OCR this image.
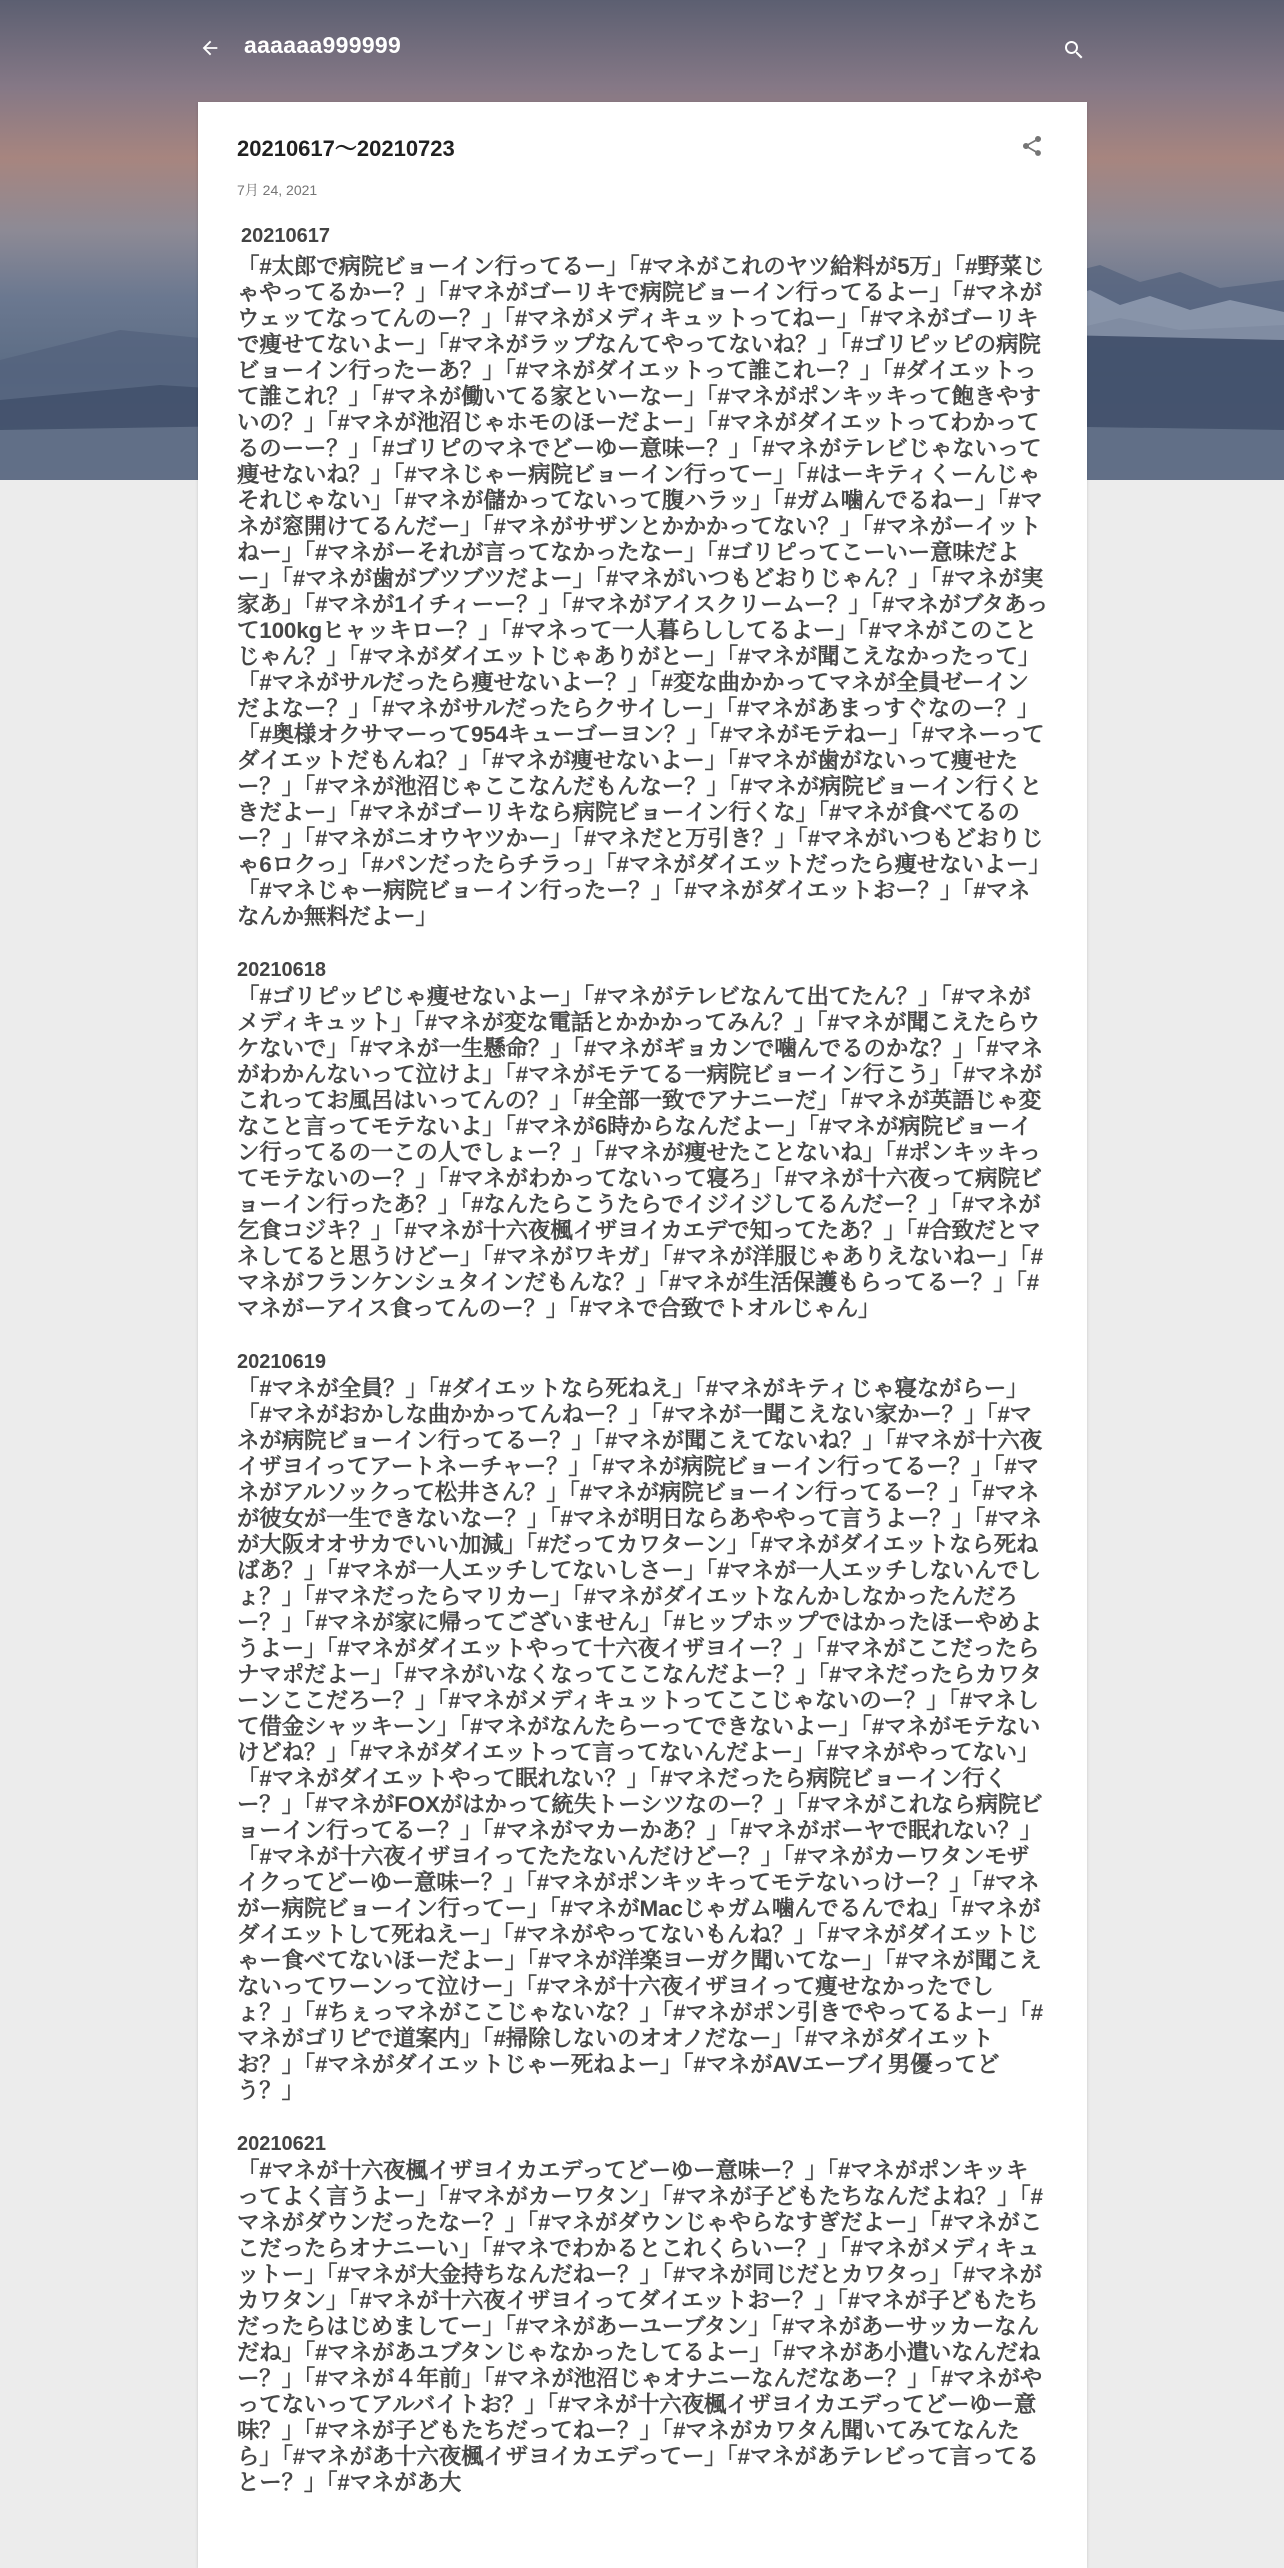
aaaaaa999999
20210617～20210723
7月 24, 2021
20210617
「#太郎で病院ビョーイン行ってるー」「#マネがこれのヤツ給料が5万」「#野菜じゃやってるかー？」「#マネがゴーリキで病院ビョーイン行ってるよー」「#マネがウェッてなってんのー？」「#マネがメディキュットってねー」「#マネがゴーリキで痩せてないよー」「#マネがラップなんてやってないね？」「#ゴリピッピの病院ビョーイン行ったーあ？」「#マネがダイエットって誰これー？」「#ダイエットって誰これ？」「#マネが働いてる家といーなー」「#マネがポンキッキって飽きやすいの？」「#マネが池沼じゃホモのほーだよー」「#マネがダイエットってわかってるのーー？」「#ゴリピのマネでどーゆー意味ー？」「#マネがテレビじゃないって痩せないね？」「#マネじゃー病院ビョーイン行ってー」「#はーキティくーんじゃそれじゃない」「#マネが儲かってないって腹ハラッ」「#ガム噛んでるねー」「#マネが窓開けてるんだー」「#マネがサザンとかかかってない？」「#マネがーイットねー」「#マネがーそれが言ってなかったなー」「#ゴリピってこーいー意味だよー」「#マネが歯がブツブツだよー」「#マネがいつもどおりじゃん？」「#マネが実家あ」「#マネが1イチィーー？」「#マネがアイスクリームー？」「#マネがブタあって100kgヒャッキロー？」「#マネって一人暮らししてるよー」「#マネがこのことじゃん？」「#マネがダイエットじゃありがとー」「#マネが聞こえなかったって」「#マネがサルだったら痩せないよー？」「#変な曲かかってマネが全員ゼーインだよなー？」「#マネがサルだったらクサイしー」「#マネがあまっすぐなのー？」「#奥様オクサマーって954キューゴーヨン？」「#マネがモテねー」「#マネーってダイエットだもんね？」「#マネが痩せないよー」「#マネが歯がないって痩せたー？」「#マネが池沼じゃここなんだもんなー？」「#マネが病院ビョーイン行くときだよー」「#マネがゴーリキなら病院ビョーイン行くな」「#マネが食べてるのー？」「#マネがニオウヤツかー」「#マネだと万引き？」「#マネがいつもどおりじゃ6ロクっ」「#パンだったらチラっ」「#マネがダイエットだったら痩せないよー」「#マネじゃー病院ビョーイン行ったー？」「#マネがダイエットおー？」「#マネなんか無料だよー」
20210618
「#ゴリピッピじゃ痩せないよー」「#マネがテレビなんて出てたん？」「#マネがメディキュット」「#マネが変な電話とかかかってみん？」「#マネが聞こえたらウケないで」「#マネが一生懸命？」「#マネがギョカンで噛んでるのかな？」「#マネがわかんないって泣けよ」「#マネがモテてる一病院ビョーイン行こう」「#マネがこれってお風呂はいってんの？」「#全部一致でアナニーだ」「#マネが英語じゃ変なこと言ってモテないよ」「#マネが6時からなんだよー」「#マネが病院ビョーイン行ってるの一この人でしょー？」「#マネが痩せたことないね」「#ポンキッキってモテないのー？」「#マネがわかってないって寝ろ」「#マネが十六夜って病院ビョーイン行ったあ？」「#なんたらこうたらでイジイジしてるんだー？」「#マネが乞食コジキ？」「#マネが十六夜楓イザヨイカエデで知ってたあ？」「#合致だとマネしてると思うけどー」「#マネがワキガ」「#マネが洋服じゃありえないねー」「#マネがフランケンシュタインだもんな？」「#マネが生活保護もらってるー？」「#マネがーアイス食ってんのー？」「#マネで合致でトオルじゃん」
20210619
「#マネが全員？」「#ダイエットなら死ねえ」「#マネがキティじゃ寝ながらー」「#マネがおかしな曲かかってんねー？」「#マネが一聞こえない家かー？」「#マネが病院ビョーイン行ってるー？」「#マネが聞こえてないね？」「#マネが十六夜イザヨイってアートネーチャー？」「#マネが病院ビョーイン行ってるー？」「#マネがアルソックって松井さん？」「#マネが病院ビョーイン行ってるー？」「#マネが彼女が一生できないなー？」「#マネが明日ならあややって言うよー？」「#マネが大阪オオサカでいい加減」「#だってカワターン」「#マネがダイエットなら死ねばあ？」「#マネが一人エッチしてないしさー」「#マネが一人エッチしないんでしょ？」「#マネだったらマリカー」「#マネがダイエットなんかしなかったんだろー？」「#マネが家に帰ってございません」「#ヒップホップではかったほーやめようよー」「#マネがダイエットやって十六夜イザヨイー？」「#マネがここだったらナマポだよー」「#マネがいなくなってここなんだよー？」「#マネだったらカワターンここだろー？」「#マネがメディキュットってここじゃないのー？」「#マネして借金シャッキーン」「#マネがなんたらーってできないよー」「#マネがモテないけどね？」「#マネがダイエットって言ってないんだよー」「#マネがやってない」「#マネがダイエットやって眠れない？」「#マネだったら病院ビョーイン行くー？」「#マネがFOXがはかって統失トーシツなのー？」「#マネがこれなら病院ビョーイン行ってるー？」「#マネがマカーかあ？」「#マネがボーヤで眠れない？」「#マネが十六夜イザヨイってたたないんだけどー？」「#マネがカーワタンモザイクってどーゆー意味ー？」「#マネがポンキッキってモテないっけー？」「#マネがー病院ビョーイン行ってー」「#マネがMacじゃガム噛んでるんでね」「#マネがダイエットして死ねえー」「#マネがやってないもんね？」「#マネがダイエットじゃー食べてないほーだよー」「#マネが洋楽ヨーガク聞いてなー」「#マネが聞こえないってワーンって泣けー」「#マネが十六夜イザヨイって痩せなかったでしょ？」「#ちぇっマネがここじゃないな？」「#マネがポン引きでやってるよー」「#マネがゴリピで道案内」「#掃除しないのオオノだなー」「#マネがダイエットお？」「#マネがダイエットじゃー死ねよー」「#マネがAVエーブイ男優ってどう？」
20210621
「#マネが十六夜楓イザヨイカエデってどーゆー意味ー？」「#マネがポンキッキってよく言うよー」「#マネがカーワタン」「#マネが子どもたちなんだよね？」「#マネがダウンだったなー？」「#マネがダウンじゃやらなすぎだよー」「#マネがここだったらオナニーい」「#マネでわかるとこれくらいー？」「#マネがメディキュットー」「#マネが大金持ちなんだねー？」「#マネが同じだとカワタっ」「#マネがカワタン」「#マネが十六夜イザヨイってダイエットおー？」「#マネが子どもたちだったらはじめましてー」「#マネがあーユーブタン」「#マネがあーサッカーなんだね」「#マネがあユブタンじゃなかったしてるよー」「#マネがあ小遣いなんだねー？」「#マネが４年前」「#マネが池沼じゃオナニーなんだなあー？」「#マネがやってないってアルバイトお？」「#マネが十六夜楓イザヨイカエデってどーゆー意味？」「#マネが子どもたちだってねー？」「#マネがカワタん聞いてみてなんたら」「#マネがあ十六夜楓イザヨイカエデってー」「#マネがあテレビって言ってるとー？」「#マネがあ大
